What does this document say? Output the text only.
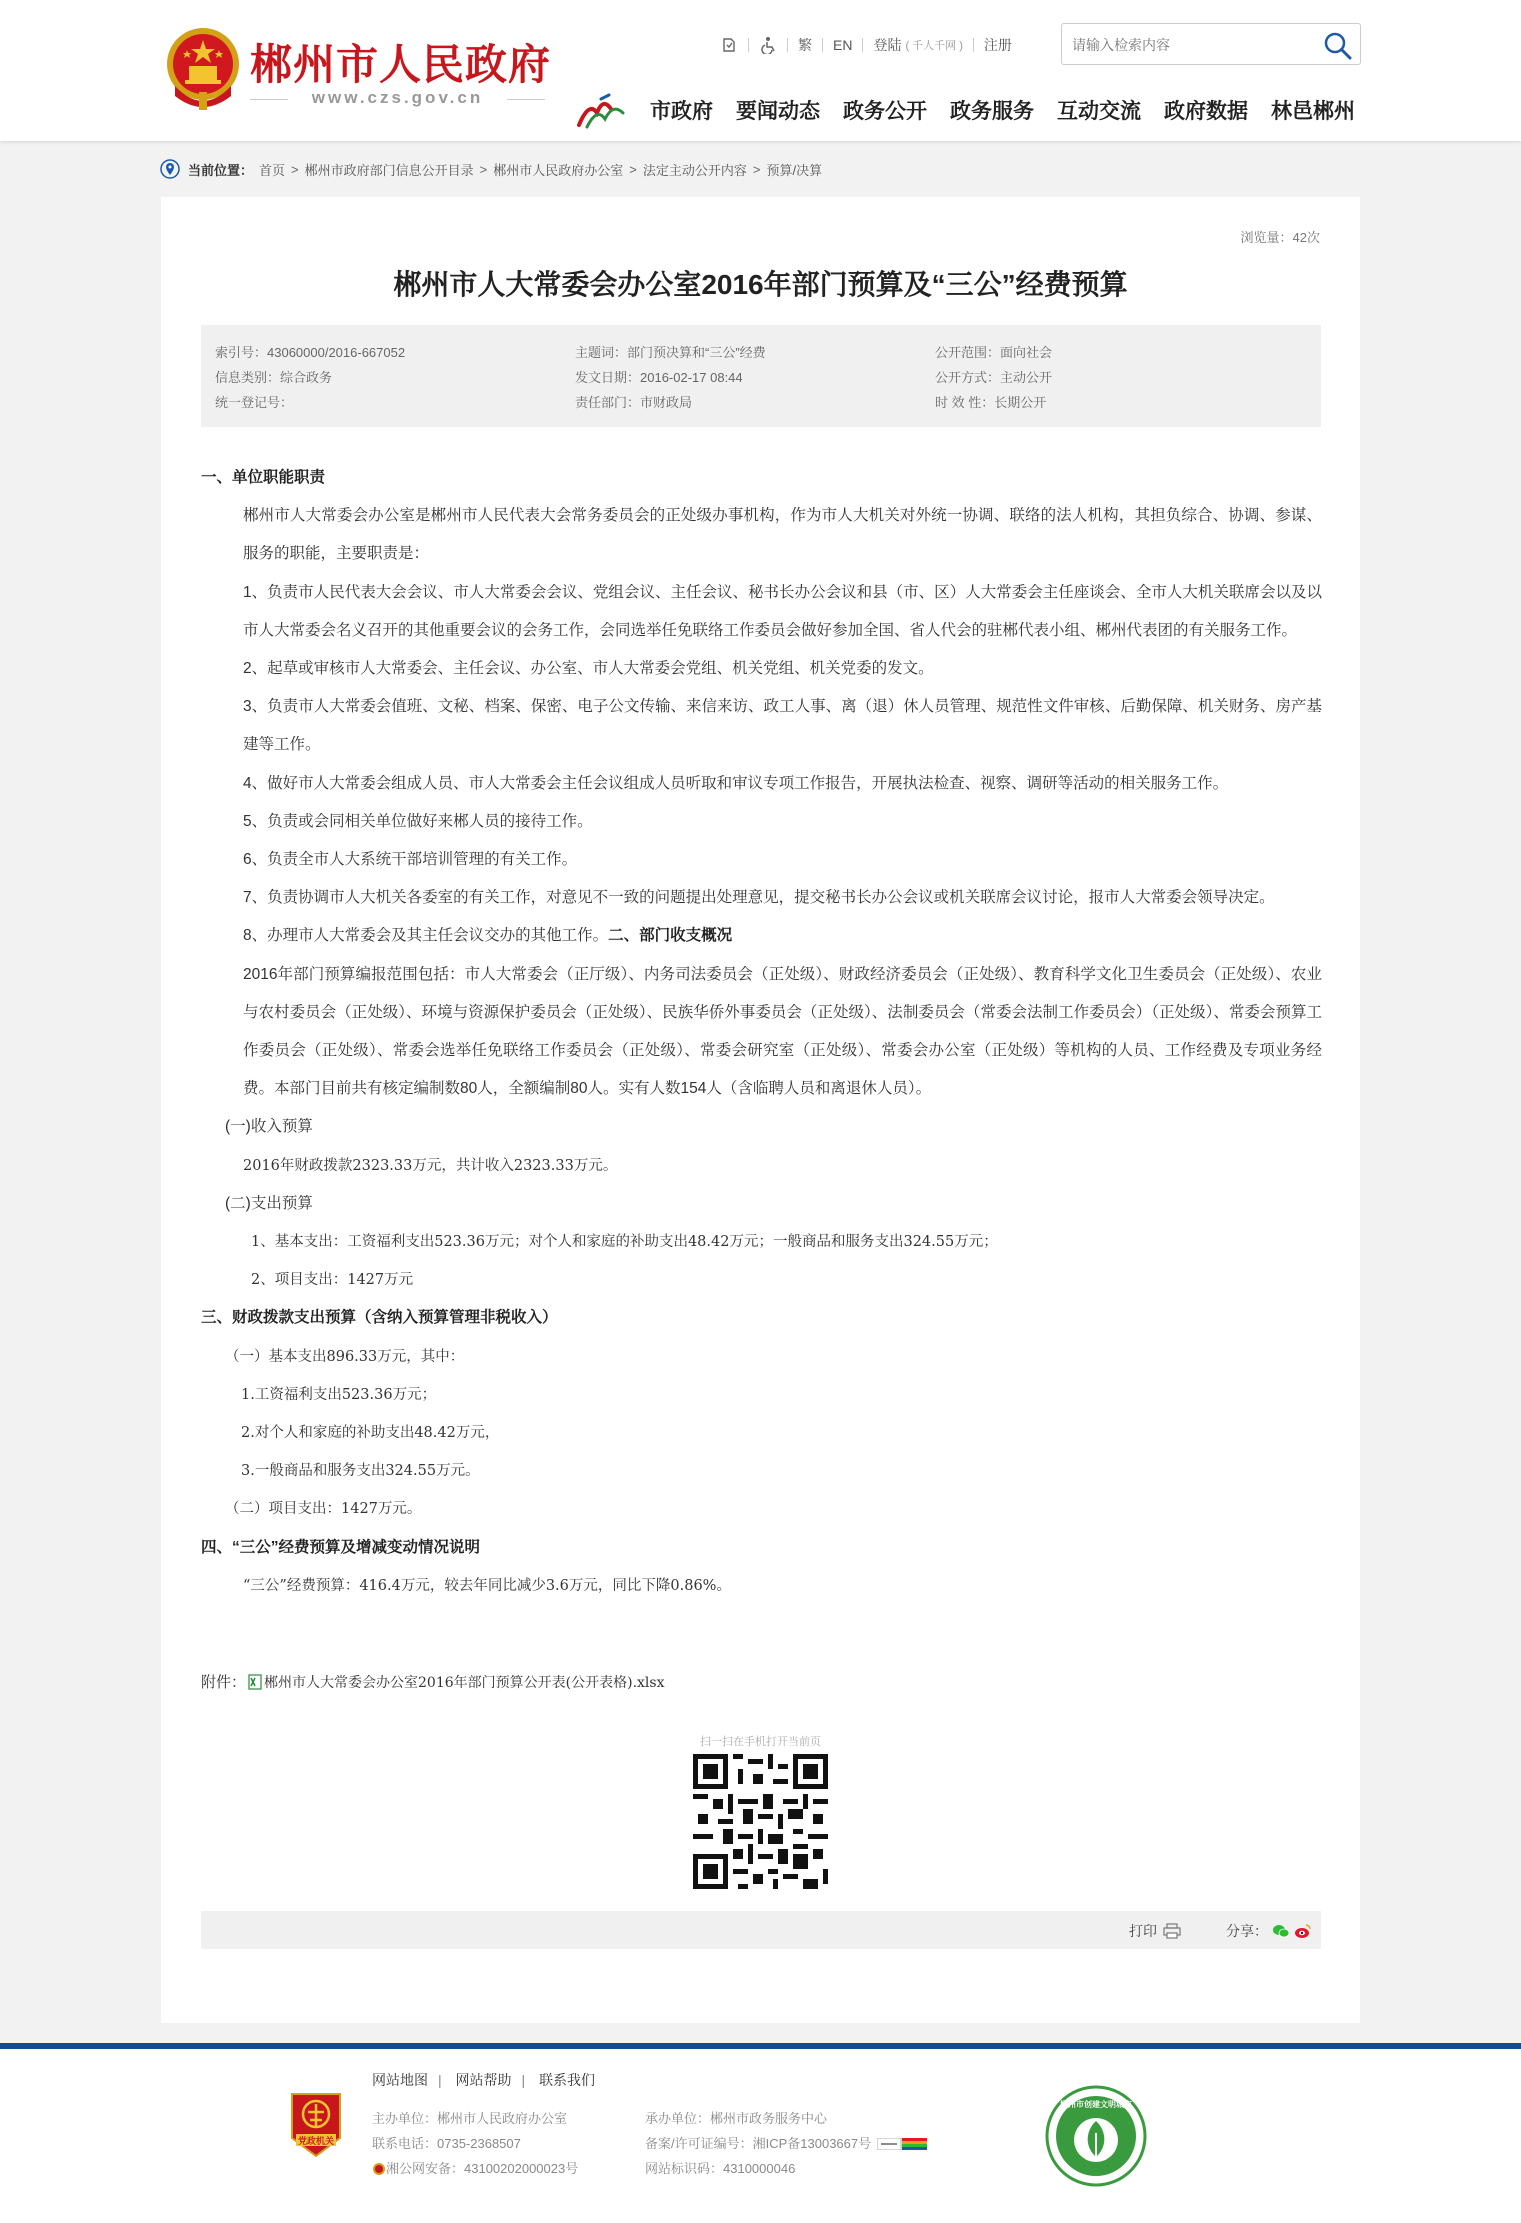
郴州市人民政府
www.czs.gov.cn
繁 EN 登陆 ( 千人千网 ) 注册
请输入检索内容
市政府 要闻动态 政务公开 政务服务 互动交流 政府数据 林邑郴州
当前位置： 首页 > 郴州市政府部门信息公开目录 > 郴州市人民政府办公室 > 法定主动公开内容 > 预算/决算
浏览量：42次
郴州市人大常委会办公室2016年部门预算及“三公”经费预算
索引号：43060000/2016-667052
信息类别：综合政务
统一登记号：
主题词：部门预决算和“三公”经费
发文日期：2016-02-17 08:44
责任部门：市财政局
公开范围：面向社会
公开方式：主动公开
时 效 性：长期公开

一、单位职能职责

郴州市人大常委会办公室是郴州市人民代表大会常务委员会的正处级办事机构，作为市人大机关对外统一协调、联络的法人机构，其担负综合、协调、参谋、服务的职能，主要职责是：

1、负责市人民代表大会会议、市人大常委会会议、党组会议、主任会议、秘书长办公会议和县（市、区）人大常委会主任座谈会、全市人大机关联席会以及以市人大常委会名义召开的其他重要会议的会务工作，会同选举任免联络工作委员会做好参加全国、省人代会的驻郴代表小组、郴州代表团的有关服务工作。

2、起草或审核市人大常委会、主任会议、办公室、市人大常委会党组、机关党组、机关党委的发文。

3、负责市人大常委会值班、文秘、档案、保密、电子公文传输、来信来访、政工人事、离（退）休人员管理、规范性文件审核、后勤保障、机关财务、房产基建等工作。

4、做好市人大常委会组成人员、市人大常委会主任会议组成人员听取和审议专项工作报告，开展执法检查、视察、调研等活动的相关服务工作。

5、负责或会同相关单位做好来郴人员的接待工作。

6、负责全市人大系统干部培训管理的有关工作。

7、负责协调市人大机关各委室的有关工作，对意见不一致的问题提出处理意见，提交秘书长办公会议或机关联席会议讨论，报市人大常委会领导决定。

8、办理市人大常委会及其主任会议交办的其他工作。二、部门收支概况

2016年部门预算编报范围包括：市人大常委会（正厅级）、内务司法委员会（正处级）、财政经济委员会（正处级）、教育科学文化卫生委员会（正处级）、农业与农村委员会（正处级）、环境与资源保护委员会（正处级）、民族华侨外事委员会（正处级）、法制委员会（常委会法制工作委员会）（正处级）、常委会预算工作委员会（正处级）、常委会选举任免联络工作委员会（正处级）、常委会研究室（正处级）、常委会办公室（正处级）等机构的人员、工作经费及专项业务经费。本部门目前共有核定编制数80人，全额编制80人。实有人数154人（含临聘人员和离退休人员）。

(一)收入预算

2016年财政拨款2323.33万元，共计收入2323.33万元。

(二)支出预算

1、基本支出：工资福利支出523.36万元；对个人和家庭的补助支出48.42万元；一般商品和服务支出324.55万元；

2、项目支出：1427万元

三、财政拨款支出预算（含纳入预算管理非税收入）

（一）基本支出896.33万元，其中：

1.工资福利支出523.36万元；

2.对个人和家庭的补助支出48.42万元，

3.一般商品和服务支出324.55万元。

（二）项目支出：1427万元。

四、“三公”经费预算及增减变动情况说明

“三公”经费预算：416.4万元，较去年同比减少3.6万元，同比下降0.86%。

附件： 郴州市人大常委会办公室2016年部门预算公开表(公开表格).xlsx
扫一扫在手机打开当前页
打印	分享：
党政机关
网站地图 | 网站帮助 | 联系我们
主办单位：郴州市人民政府办公室
联系电话：0735-2368507
湘公网安备：43100202000023号
承办单位：郴州市政务服务中心
备案/许可证编号：湘ICP备13003667号
网站标识码：4310000046
郴州市创建文明城市
